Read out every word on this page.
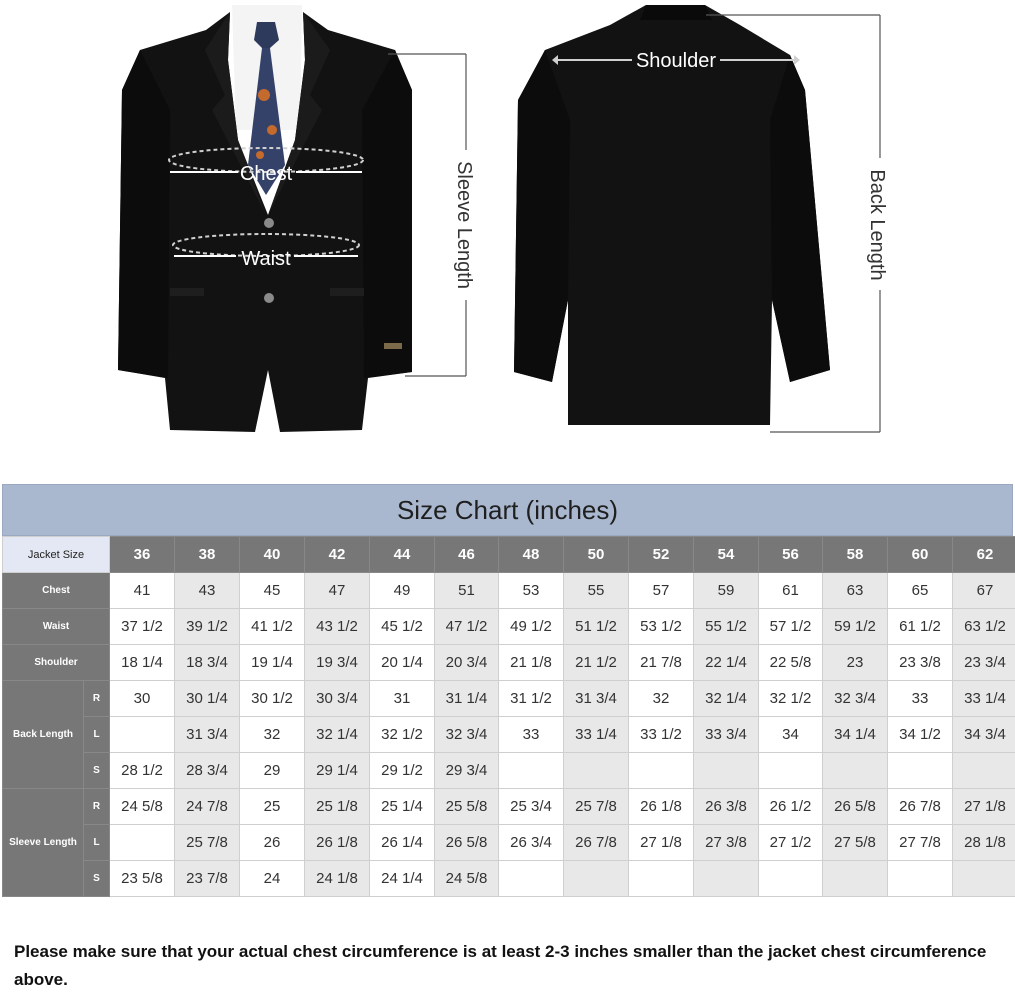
Chest
Waist	Sleeve Length
Shoulder
Back Length
Size Chart (inches)
Jacket Size		36	38	40	42	44	46	48	50	52	54	56	58	60	62
Chest		41	43	45	47	49	51	53	55	57	59	61	63	65	67
Waist		37 1/2	39 1/2	41 1/2	43 1/2	45 1/2	47 1/2	49 1/2	51 1/2	53 1/2	55 1/2	57 1/2	59 1/2	61 1/2	63 1/2
Shoulder		18 1/4	18 3/4	19 1/4	19 3/4	20 1/4	20 3/4	21 1/8	21 1/2	21 7/8	22 1/4	22 5/8	23	23 3/8	23 3/4
Back Length	R	30	30 1/4	30 1/2	30 3/4	31	31 1/4	31 1/2	31 3/4	32	32 1/4	32 1/2	32 3/4	33	33 1/4
	L		31 3/4	32	32 1/4	32 1/2	32 3/4	33	33 1/4	33 1/2	33 3/4	34	34 1/4	34 1/2	34 3/4
	S	28 1/2	28 3/4	29	29 1/4	29 1/2	29 3/4								
Sleeve Length	R	24 5/8	24 7/8	25	25 1/8	25 1/4	25 5/8	25 3/4	25 7/8	26 1/8	26 3/8	26 1/2	26 5/8	26 7/8	27 1/8
	L		25 7/8	26	26 1/8	26 1/4	26 5/8	26 3/4	26 7/8	27 1/8	27 3/8	27 1/2	27 5/8	27 7/8	28 1/8
	S	23 5/8	23 7/8	24	24 1/8	24 1/4	24 5/8								
Please make sure that your actual chest circumference is at least 2-3 inches smaller than the jacket chest circumference above.
